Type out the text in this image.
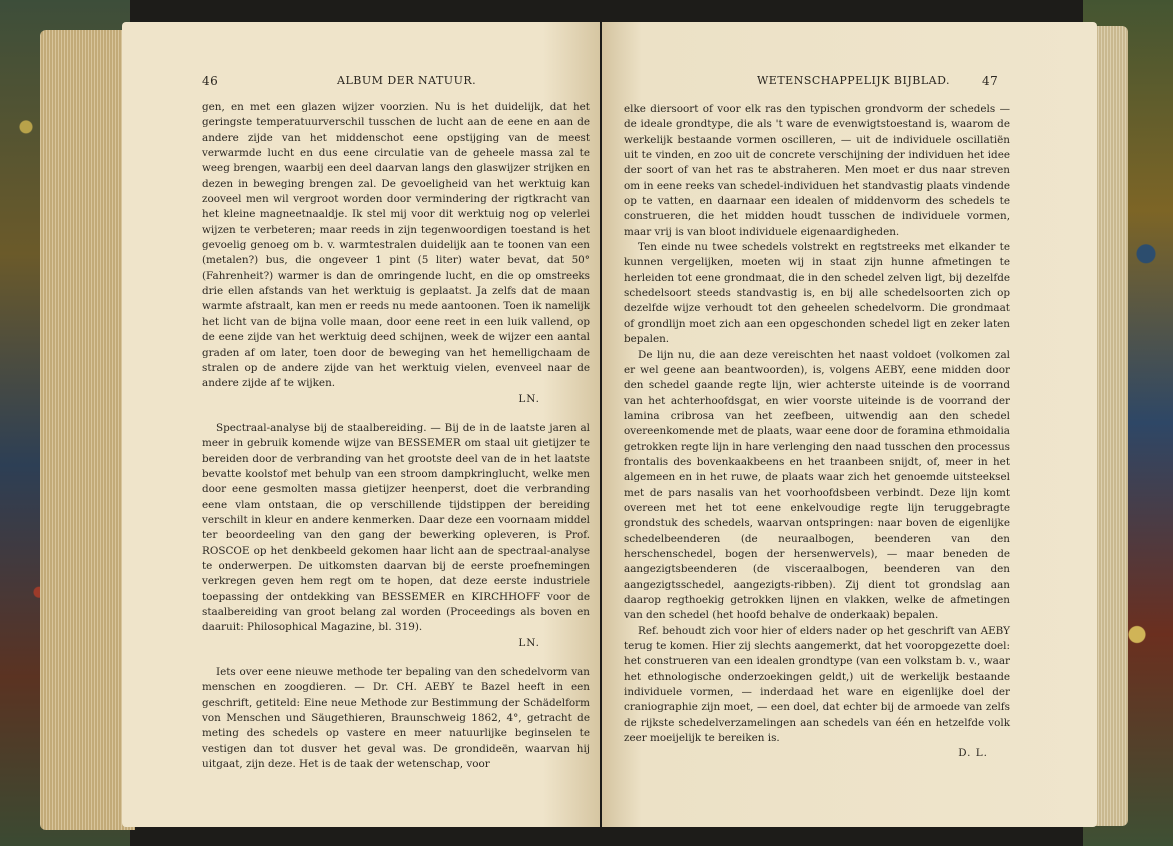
46	ALBUM DER NATUUR.

gen, en met een glazen wijzer voorzien. Nu is het duidelijk, dat het geringste temperatuurverschil tusschen de lucht aan de eene en aan de andere zijde van het middenschot eene opstijging van de meest verwarmde lucht en dus eene circulatie van de geheele massa zal te weeg brengen, waarbij een deel daarvan langs den glaswijzer strijken en dezen in beweging brengen zal. De gevoeligheid van het werktuig kan zooveel men wil vergroot worden door vermindering der rigtkracht van het kleine magneetnaaldje. Ik stel mij voor dit werktuig nog op velerlei wijzen te verbeteren; maar reeds in zijn tegenwoordigen toestand is het gevoelig genoeg om b. v. warmtestralen duidelijk aan te toonen van een (metalen?) bus, die ongeveer 1 pint (5 liter) water bevat, dat 50° (Fahrenheit?) warmer is dan de omringende lucht, en die op omstreeks drie ellen afstands van het werktuig is geplaatst. Ja zelfs dat de maan warmte afstraalt, kan men er reeds nu mede aantoonen. Toen ik namelijk het licht van de bijna volle maan, door eene reet in een luik vallend, op de eene zijde van het werktuig deed schijnen, week de wijzer een aantal graden af om later, toen door de beweging van het hemelligchaam de stralen op de andere zijde van het werktuig vielen, evenveel naar de andere zijde af te wijken.

LN.

Spectraal-analyse bij de staalbereiding. — Bij de in de laatste jaren al meer in gebruik komende wijze van BESSEMER om staal uit gietijzer te bereiden door de verbranding van het grootste deel van de in het laatste bevatte koolstof met behulp van een stroom dampkringlucht, welke men door eene gesmolten massa gietijzer heenperst, doet die verbranding eene vlam ontstaan, die op verschillende tijdstippen der bereiding verschilt in kleur en andere kenmerken. Daar deze een voornaam middel ter beoordeeling van den gang der bewerking opleveren, is Prof. ROSCOE op het denkbeeld gekomen haar licht aan de spectraal-analyse te onderwerpen. De uitkomsten daarvan bij de eerste proefnemingen verkregen geven hem regt om te hopen, dat deze eerste industriele toepassing der ontdekking van BESSEMER en KIRCHHOFF voor de staalbereiding van groot belang zal worden (Proceedings als boven en daaruit: Philosophical Magazine, bl. 319).

LN.

Iets over eene nieuwe methode ter bepaling van den schedelvorm van menschen en zoogdieren. — Dr. CH. AEBY te Bazel heeft in een geschrift, getiteld: Eine neue Methode zur Bestimmung der Schädelform von Menschen und Säugethieren, Braunschweig 1862, 4°, getracht de meting des schedels op vastere en meer natuurlijke beginselen te vestigen dan tot dusver het geval was. De grondideën, waarvan hij uitgaat, zijn deze. Het is de taak der wetenschap, voor

WETENSCHAPPELIJK BIJBLAD.	47

elke diersoort of voor elk ras den typischen grondvorm der schedels — de ideale grondtype, die als 't ware de evenwigtstoestand is, waarom de werkelijk bestaande vormen oscilleren, — uit de individuele oscillatiën uit te vinden, en zoo uit de concrete verschijning der individuen het idee der soort of van het ras te abstraheren. Men moet er dus naar streven om in eene reeks van schedel-individuen het standvastig plaats vindende op te vatten, en daarnaar een idealen of middenvorm des schedels te construeren, die het midden houdt tusschen de individuele vormen, maar vrij is van bloot individuele eigenaardigheden.

Ten einde nu twee schedels volstrekt en regtstreeks met elkander te kunnen vergelijken, moeten wij in staat zijn hunne afmetingen te herleiden tot eene grondmaat, die in den schedel zelven ligt, bij dezelfde schedelsoort steeds standvastig is, en bij alle schedelsoorten zich op dezelfde wijze verhoudt tot den geheelen schedelvorm. Die grondmaat of grondlijn moet zich aan een opgeschonden schedel ligt en zeker laten bepalen.

De lijn nu, die aan deze vereischten het naast voldoet (volkomen zal er wel geene aan beantwoorden), is, volgens AEBY, eene midden door den schedel gaande regte lijn, wier achterste uiteinde is de voorrand van het achterhoofdsgat, en wier voorste uiteinde is de voorrand der lamina cribrosa van het zeefbeen, uitwendig aan den schedel overeenkomende met de plaats, waar eene door de foramina ethmoidalia getrokken regte lijn in hare verlenging den naad tusschen den processus frontalis des bovenkaakbeens en het traanbeen snijdt, of, meer in het algemeen en in het ruwe, de plaats waar zich het genoemde uitsteeksel met de pars nasalis van het voorhoofdsbeen verbindt. Deze lijn komt overeen met het tot eene enkelvoudige regte lijn teruggebragte grondstuk des schedels, waarvan ontspringen: naar boven de eigenlijke schedelbeenderen (de neuraalbogen, beenderen van den herschenschedel, bogen der hersenwervels), — maar beneden de aangezigtsbeenderen (de visceraalbogen, beenderen van den aangezigtsschedel, aangezigts-ribben). Zij dient tot grondslag aan daarop regthoekig getrokken lijnen en vlakken, welke de afmetingen van den schedel (het hoofd behalve de onderkaak) bepalen.

Ref. behoudt zich voor hier of elders nader op het geschrift van AEBY terug te komen. Hier zij slechts aangemerkt, dat het vooropgezette doel: het construeren van een idealen grondtype (van een volkstam b. v., waar het ethnologische onderzoekingen geldt,) uit de werkelijk bestaande individuele vormen, — inderdaad het ware en eigenlijke doel der craniographie zijn moet, — een doel, dat echter bij de armoede van zelfs de rijkste schedelverzamelingen aan schedels van één en hetzelfde volk zeer moeijelijk te bereiken is.

D. L.
